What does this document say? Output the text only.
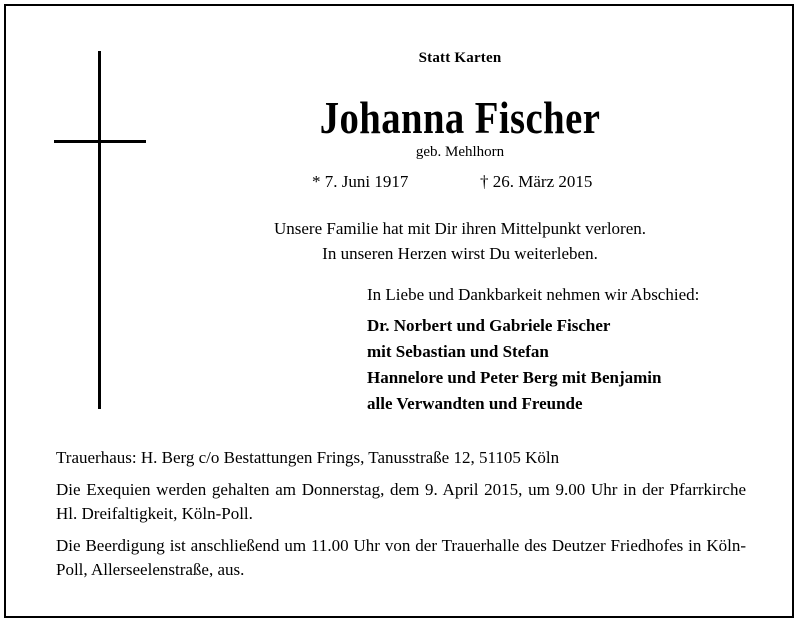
Statt Karten
Johanna Fischer
geb. Mehlhorn
* 7. Juni 1917	† 26. März 2015
Unsere Familie hat mit Dir ihren Mittelpunkt verloren.
In unseren Herzen wirst Du weiterleben.
In Liebe und Dankbarkeit nehmen wir Abschied:
Dr. Norbert und Gabriele Fischer
mit Sebastian und Stefan
Hannelore und Peter Berg mit Benjamin
alle Verwandten und Freunde

Trauerhaus: H. Berg c/o Bestattungen Frings, Tanusstraße 12, 51105 Köln

Die Exequien werden gehalten am Donnerstag, dem 9. April 2015, um 9.00 Uhr in der Pfarrkirche Hl. Dreifaltigkeit, Köln-Poll.

Die Beerdigung ist anschließend um 11.00 Uhr von der Trauerhalle des Deutzer Friedhofes in Köln-Poll, Allerseelenstraße, aus.
